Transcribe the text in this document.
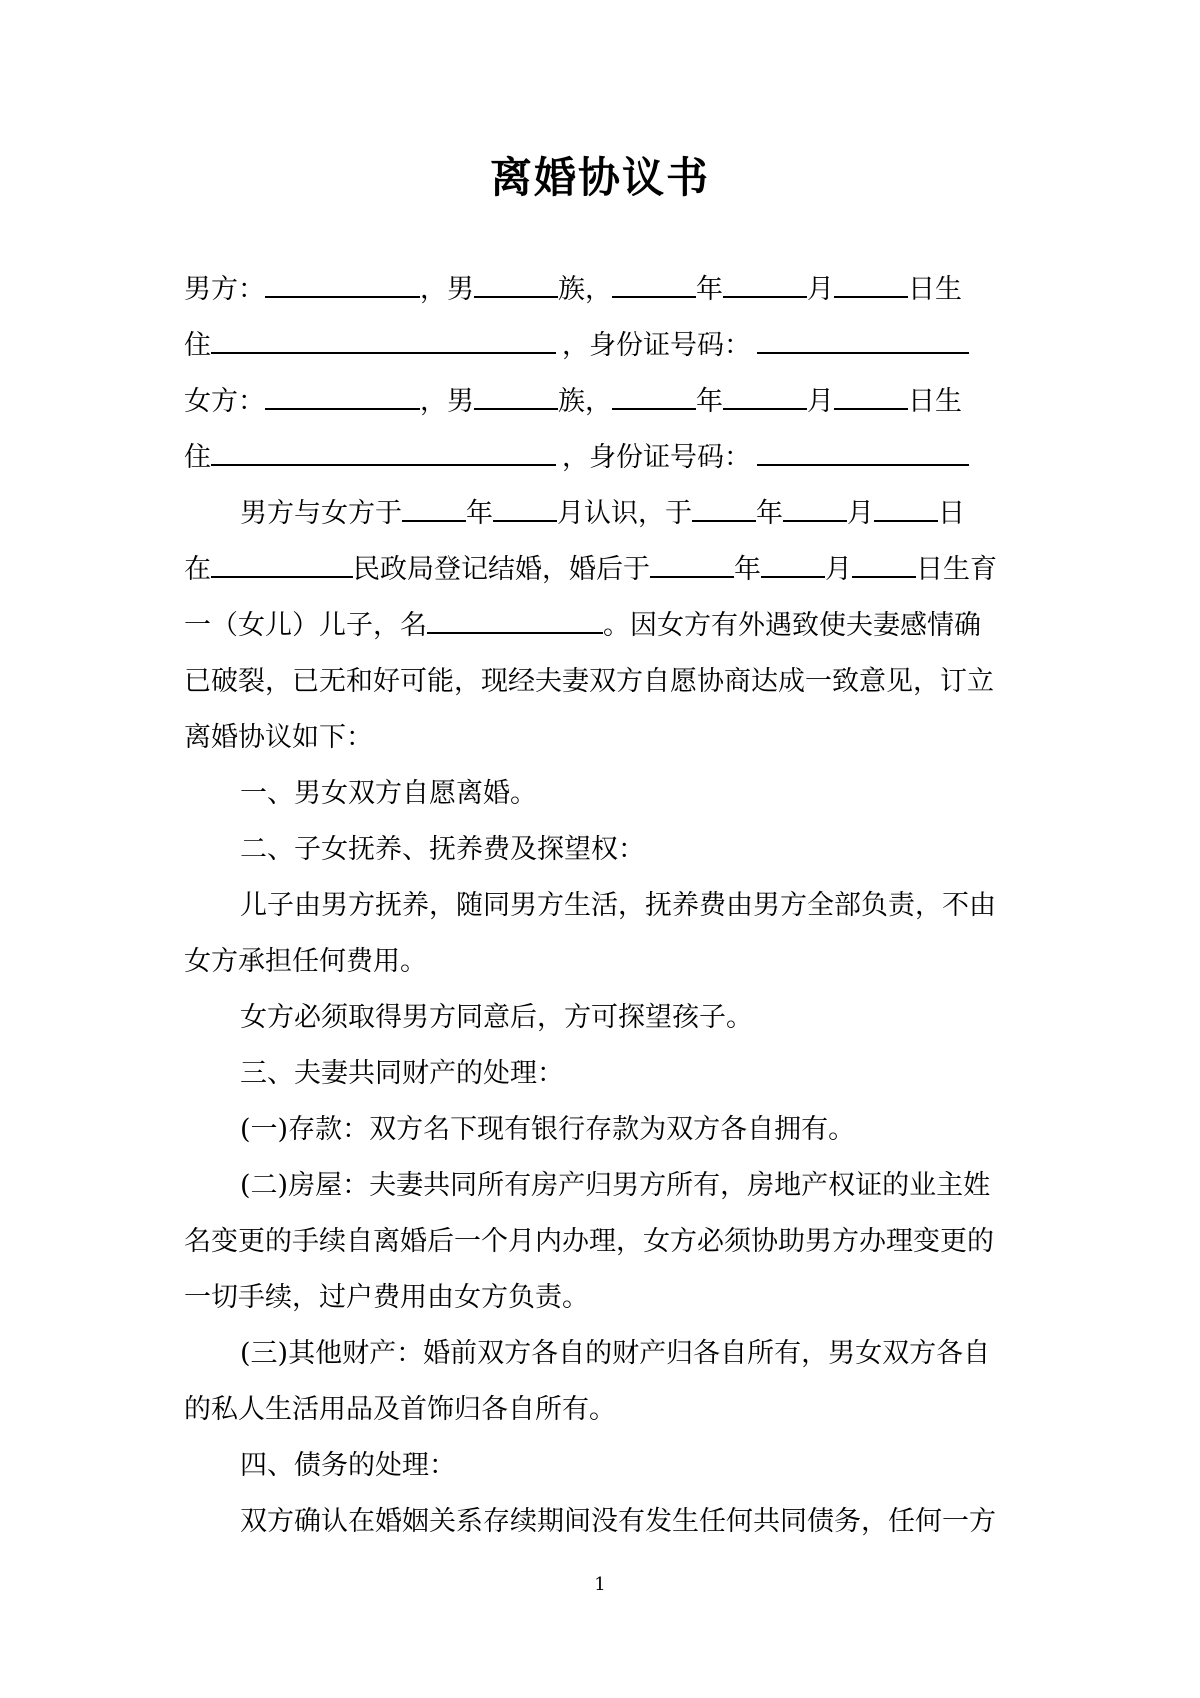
离婚协议书
男方：	，男	族，	年	月	日生
住	，身份证号码：
女方：	，男	族，	年	月	日生
住	，身份证号码：
男方与女方于 年 月认识，于 年 月 日
在	民政局登记结婚，婚后于	年 月 日生育
一（女儿）儿子，名	。因女方有外遇致使夫妻感情确
已破裂，已无和好可能，现经夫妻双方自愿协商达成一致意见，订立
离婚协议如下：
一、男女双方自愿离婚。
二、子女抚养、抚养费及探望权：
儿子由男方抚养，随同男方生活，抚养费由男方全部负责，不由
女方承担任何费用。
女方必须取得男方同意后，方可探望孩子。
三、夫妻共同财产的处理：
(一)存款：双方名下现有银行存款为双方各自拥有。
(二)房屋：夫妻共同所有房产归男方所有，房地产权证的业主姓
名变更的手续自离婚后一个月内办理，女方必须协助男方办理变更的
一切手续，过户费用由女方负责。
(三)其他财产：婚前双方各自的财产归各自所有，男女双方各自
的私人生活用品及首饰归各自所有。
四、债务的处理：
双方确认在婚姻关系存续期间没有发生任何共同债务，任何一方
1
